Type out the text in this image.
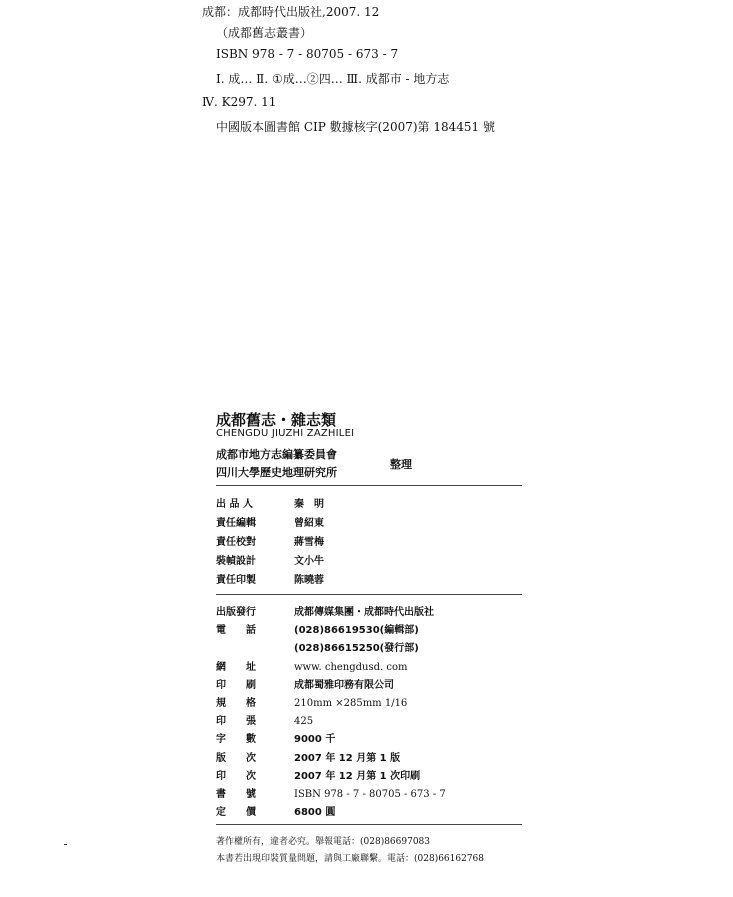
成都：成都時代出版社,2007. 12
（成都舊志叢書）
ISBN 978 - 7 - 80705 - 673 - 7
Ⅰ. 成… Ⅱ. ①成…②四… Ⅲ. 成都市 - 地方志
Ⅳ. K297. 11
中國版本圖書館 CIP 數據核字(2007)第 184451 號
成都舊志・雜志類
CHENGDU JIUZHI ZAZHILEI
成都市地方志編纂委員會
四川大學歷史地理研究所
整理
出 品 人	秦　明
責任編輯	曾紹東
責任校對	蔣雪梅
裝幀設計	文小牛
責任印製	陈曉蓉
出版發行	成都傳媒集團・成都時代出版社
電　　話	(028)86619530(編輯部)
(028)86615250(發行部)
網　　址	www. chengdusd. com
印　　刷	成都蜀雅印務有限公司
規　　格	210mm ×285mm 1/16
印　　張	425
字　　數	9000 千
版　　次	2007 年 12 月第 1 版
印　　次	2007 年 12 月第 1 次印刷
書　　號	ISBN 978 - 7 - 80705 - 673 - 7
定　　價	6800 圓
著作權所有，違者必究。舉報電話：(028)86697083
本書若出現印裝質量問題，請與工廠聯繫。電話：(028)66162768
